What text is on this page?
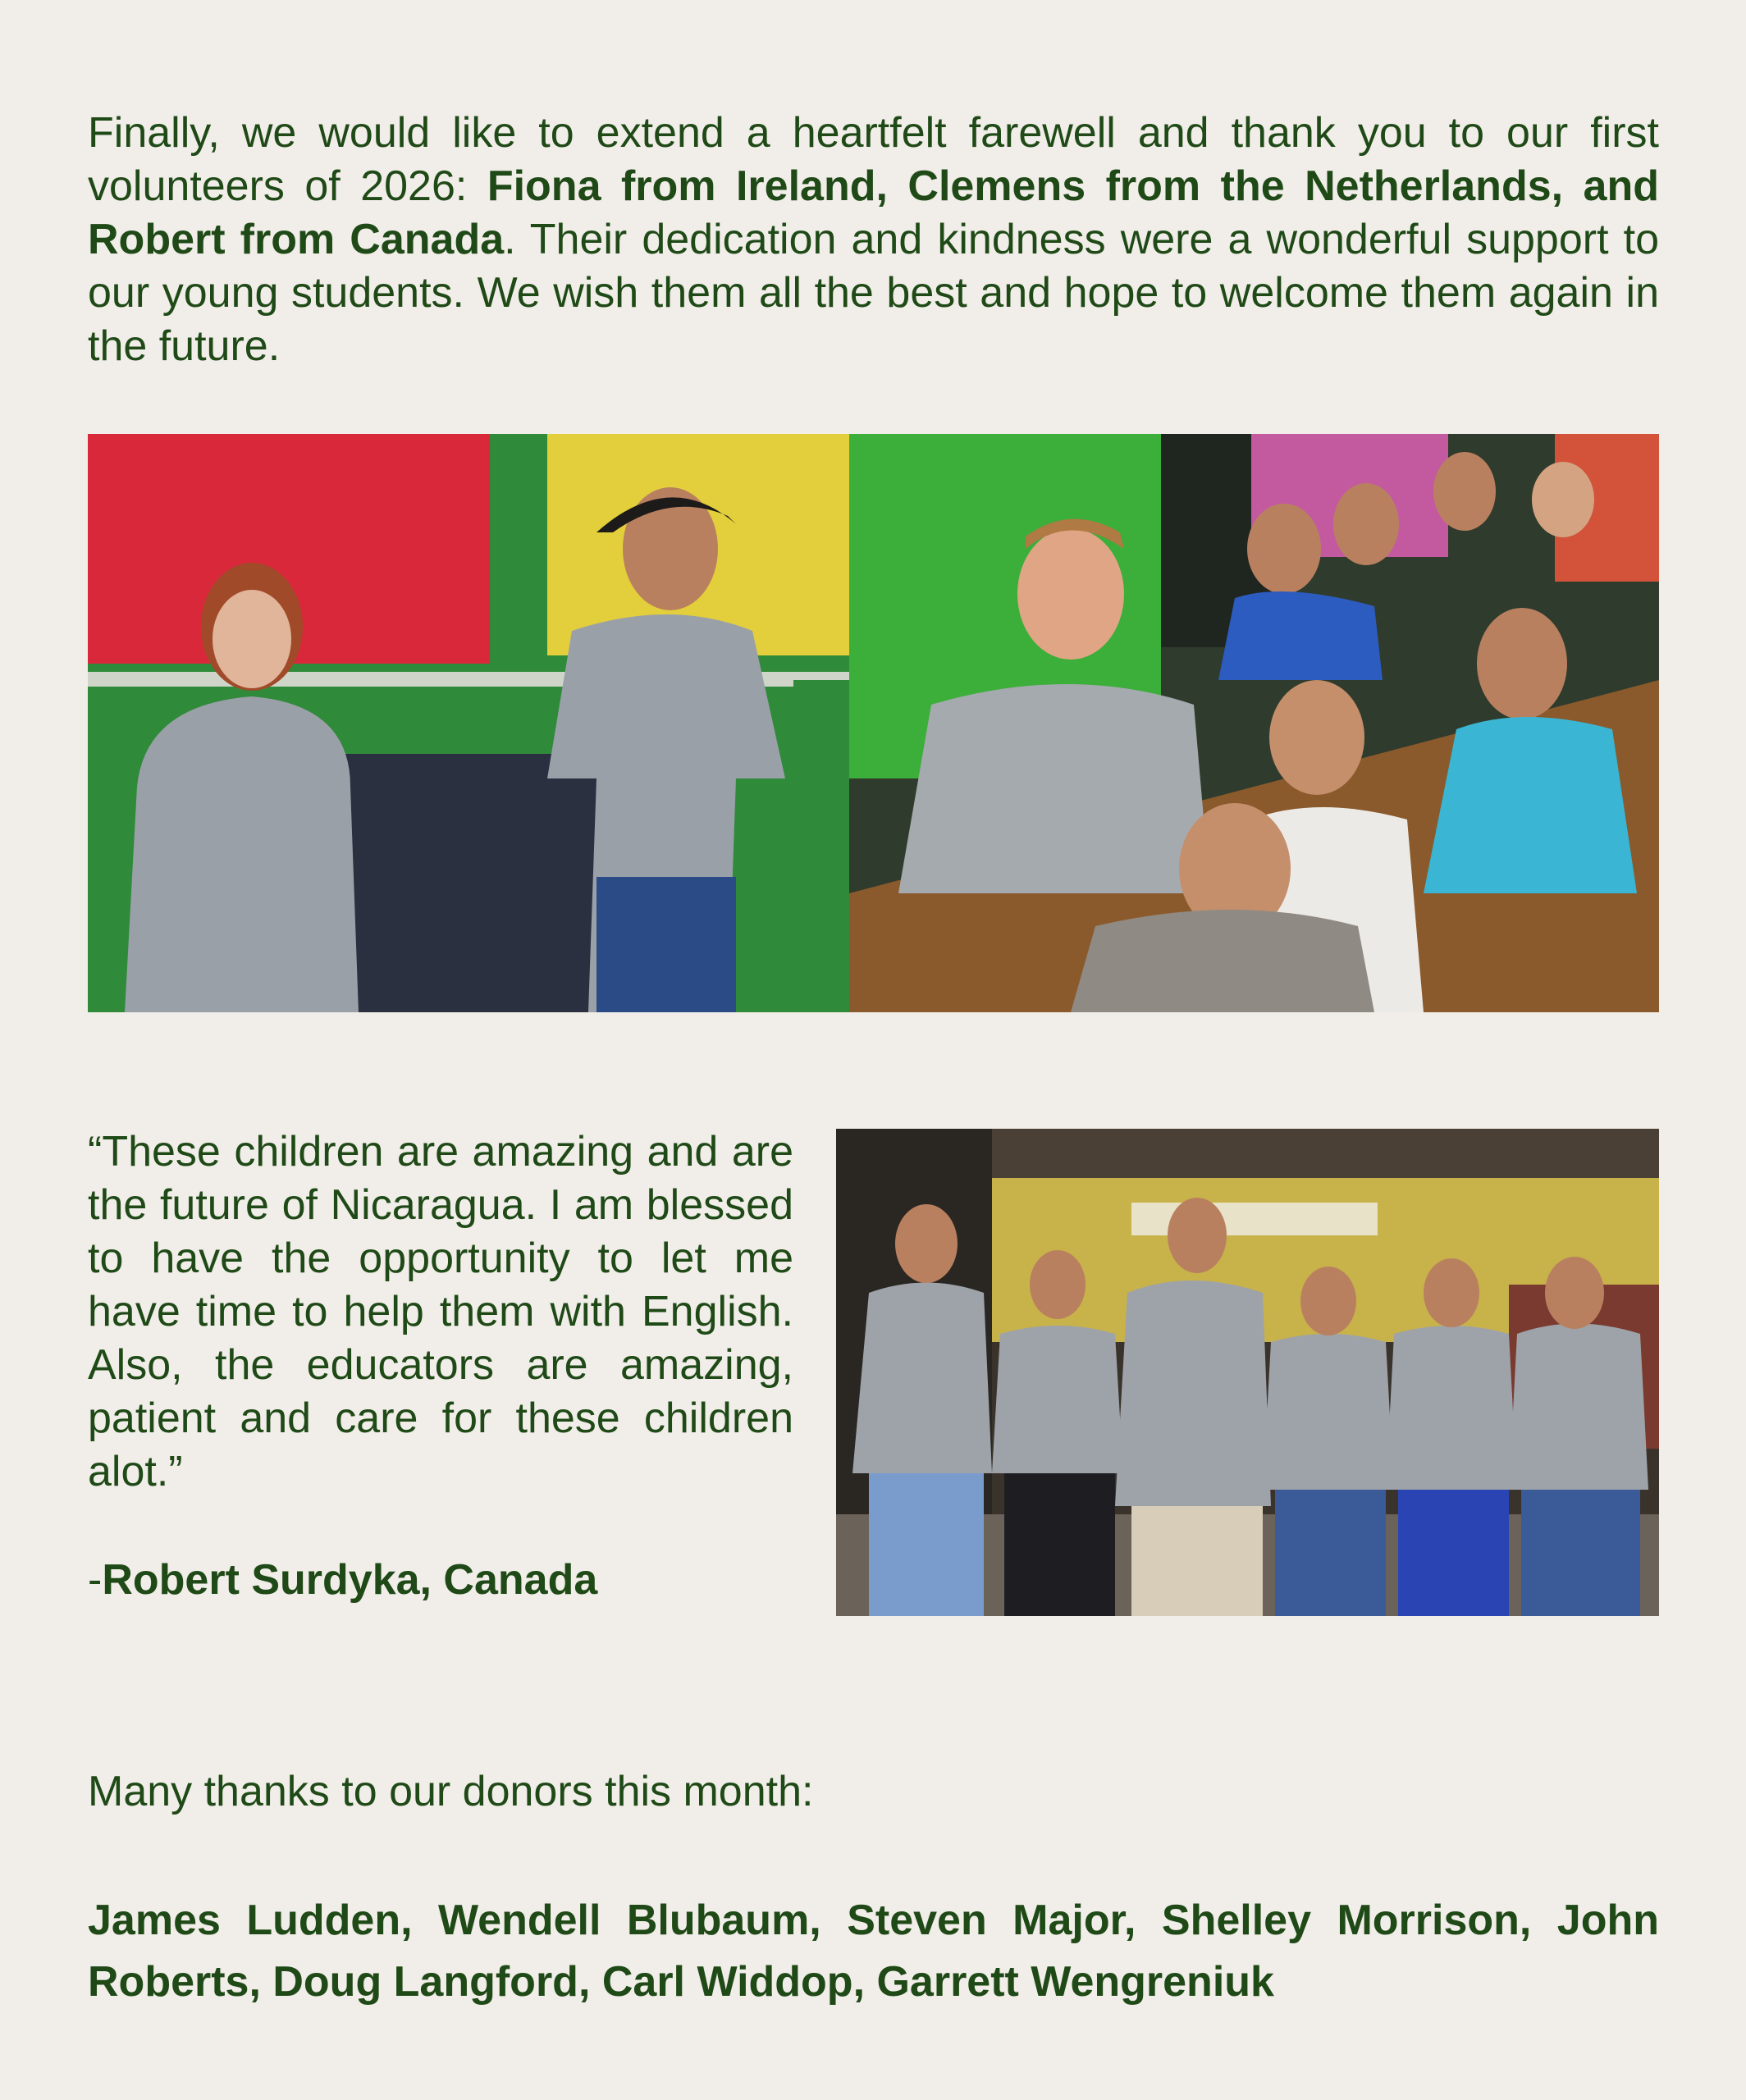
Finally, we would like to extend a heartfelt farewell and thank you to our first volunteers of 2026: Fiona from Ireland, Clemens from the Netherlands, and Robert from Canada. Their dedication and kindness were a wonderful support to our young students. We wish them all the best and hope to welcome them again in the future.

“These children are amazing and are the future of Nicaragua. I am blessed to have the opportunity to let me have time to help them with English. Also, the educators are amazing, patient and care for these children alot.”

-Robert Surdyka, Canada

Many thanks to our donors this month:

James Ludden, Wendell Blubaum, Steven Major, Shelley Morrison, John Roberts, Doug Langford, Carl Widdop, Garrett Wengreniuk
